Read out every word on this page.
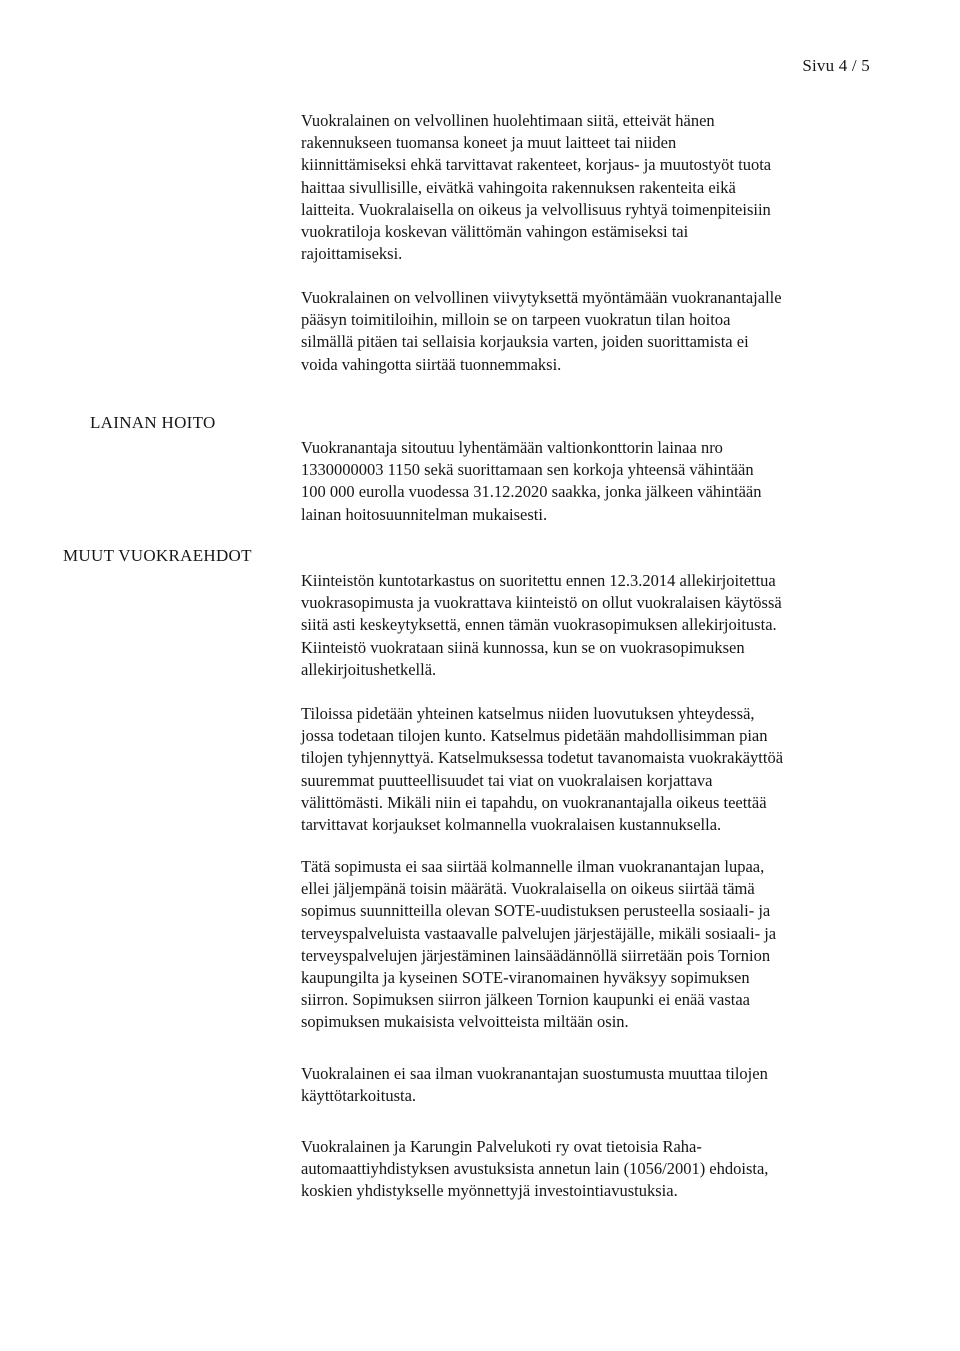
Sivu 4 / 5

Vuokralainen on velvollinen huolehtimaan siitä, etteivät hänen
rakennukseen tuomansa koneet ja muut laitteet tai niiden
kiinnittämiseksi ehkä tarvittavat rakenteet, korjaus- ja muutostyöt tuota
haittaa sivullisille, eivätkä vahingoita rakennuksen rakenteita eikä
laitteita. Vuokralaisella on oikeus ja velvollisuus ryhtyä toimenpiteisiin
vuokratiloja koskevan välittömän vahingon estämiseksi tai
rajoittamiseksi.

Vuokralainen on velvollinen viivytyksettä myöntämään vuokranantajalle
pääsyn toimitiloihin, milloin se on tarpeen vuokratun tilan hoitoa
silmällä pitäen tai sellaisia korjauksia varten, joiden suorittamista ei
voida vahingotta siirtää tuonnemmaksi.

LAINAN HOITO

Vuokranantaja sitoutuu lyhentämään valtionkonttorin lainaa nro
1330000003 1150 sekä suorittamaan sen korkoja yhteensä vähintään
100 000 eurolla vuodessa 31.12.2020 saakka, jonka jälkeen vähintään
lainan hoitosuunnitelman mukaisesti.

MUUT VUOKRAEHDOT

Kiinteistön kuntotarkastus on suoritettu ennen 12.3.2014 allekirjoitettua
vuokrasopimusta ja vuokrattava kiinteistö on ollut vuokralaisen käytössä
siitä asti keskeytyksettä, ennen tämän vuokrasopimuksen allekirjoitusta.
Kiinteistö vuokrataan siinä kunnossa, kun se on vuokrasopimuksen
allekirjoitushetkellä.

Tiloissa pidetään yhteinen katselmus niiden luovutuksen yhteydessä,
jossa todetaan tilojen kunto. Katselmus pidetään mahdollisimman pian
tilojen tyhjennyttyä. Katselmuksessa todetut tavanomaista vuokrakäyttöä
suuremmat puutteellisuudet tai viat on vuokralaisen korjattava
välittömästi. Mikäli niin ei tapahdu, on vuokranantajalla oikeus teettää
tarvittavat korjaukset kolmannella vuokralaisen kustannuksella.

Tätä sopimusta ei saa siirtää kolmannelle ilman vuokranantajan lupaa,
ellei jäljempänä toisin määrätä. Vuokralaisella on oikeus siirtää tämä
sopimus suunnitteilla olevan SOTE-uudistuksen perusteella sosiaali- ja
terveyspalveluista vastaavalle palvelujen järjestäjälle, mikäli sosiaali- ja
terveyspalvelujen järjestäminen lainsäädännöllä siirretään pois Tornion
kaupungilta ja kyseinen SOTE-viranomainen hyväksyy sopimuksen
siirron. Sopimuksen siirron jälkeen Tornion kaupunki ei enää vastaa
sopimuksen mukaisista velvoitteista miltään osin.

Vuokralainen ei saa ilman vuokranantajan suostumusta muuttaa tilojen
käyttötarkoitusta.

Vuokralainen ja Karungin Palvelukoti ry ovat tietoisia Raha-
automaattiyhdistyksen avustuksista annetun lain (1056/2001) ehdoista,
koskien yhdistykselle myönnettyjä investointiavustuksia.
